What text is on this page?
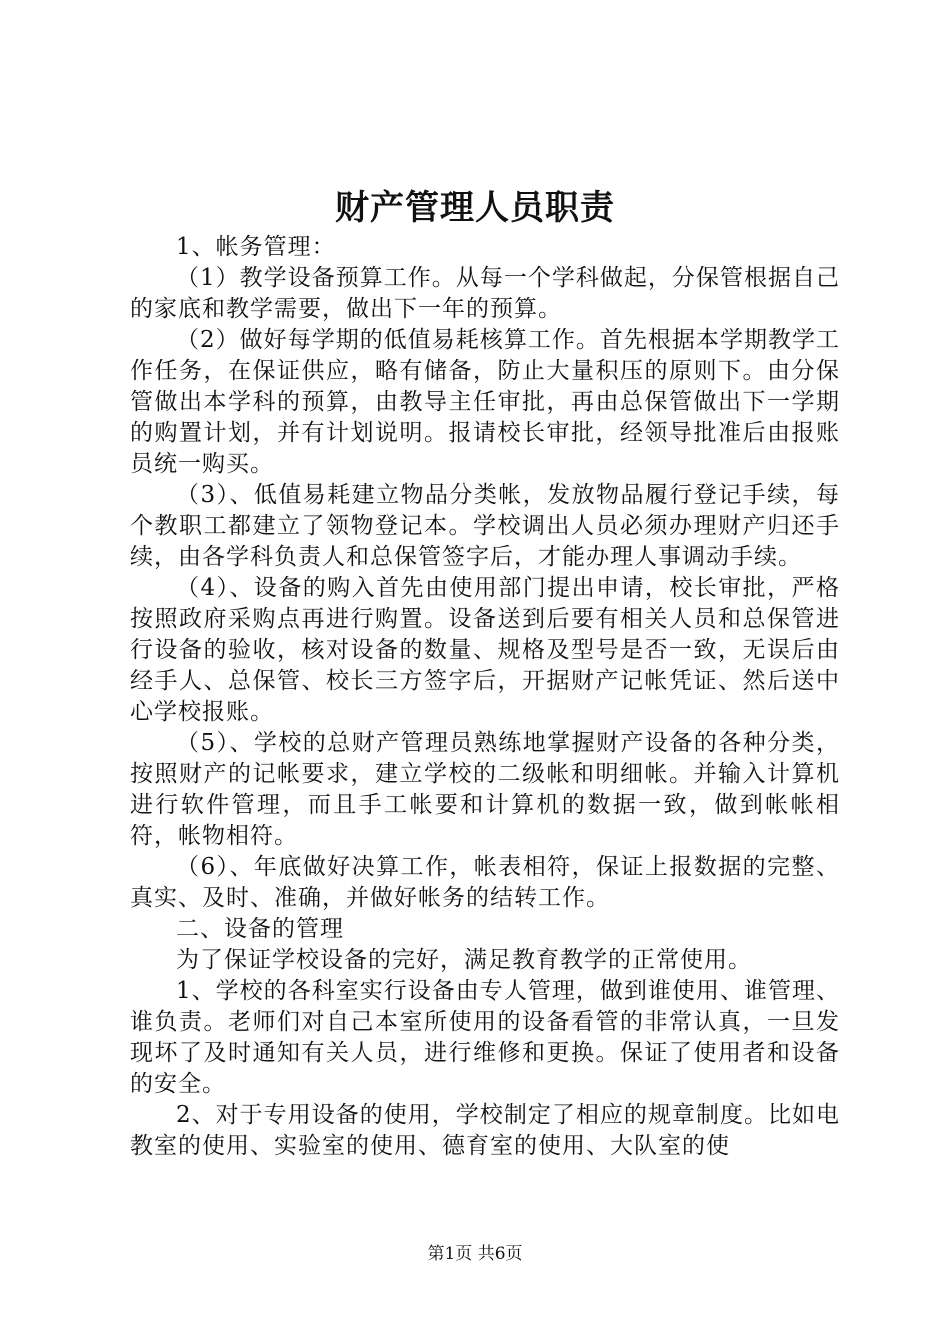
财产管理人员职责

1、帐务管理：

（1）教学设备预算工作。从每一个学科做起，分保管根据自己的家底和教学需要，做出下一年的预算。

（2）做好每学期的低值易耗核算工作。首先根据本学期教学工作任务，在保证供应，略有储备，防止大量积压的原则下。由分保管做出本学科的预算，由教导主任审批，再由总保管做出下一学期的购置计划，并有计划说明。报请校长审批，经领导批准后由报账员统一购买。

（3）、低值易耗建立物品分类帐，发放物品履行登记手续，每个教职工都建立了领物登记本。学校调出人员必须办理财产归还手续，由各学科负责人和总保管签字后，才能办理人事调动手续。

（4）、设备的购入首先由使用部门提出申请，校长审批，严格按照政府采购点再进行购置。设备送到后要有相关人员和总保管进行设备的验收，核对设备的数量、规格及型号是否一致，无误后由经手人、总保管、校长三方签字后，开据财产记帐凭证、然后送中心学校报账。

（5）、学校的总财产管理员熟练地掌握财产设备的各种分类，按照财产的记帐要求，建立学校的二级帐和明细帐。并输入计算机进行软件管理，而且手工帐要和计算机的数据一致，做到帐帐相符，帐物相符。

（6）、年底做好决算工作，帐表相符，保证上报数据的完整、真实、及时、准确，并做好帐务的结转工作。

二、设备的管理

为了保证学校设备的完好，满足教育教学的正常使用。

1、学校的各科室实行设备由专人管理，做到谁使用、谁管理、谁负责。老师们对自己本室所使用的设备看管的非常认真，一旦发现坏了及时通知有关人员，进行维修和更换。保证了使用者和设备的安全。

2、对于专用设备的使用，学校制定了相应的规章制度。比如电教室的使用、实验室的使用、德育室的使用、大队室的使

第1页 共6页
